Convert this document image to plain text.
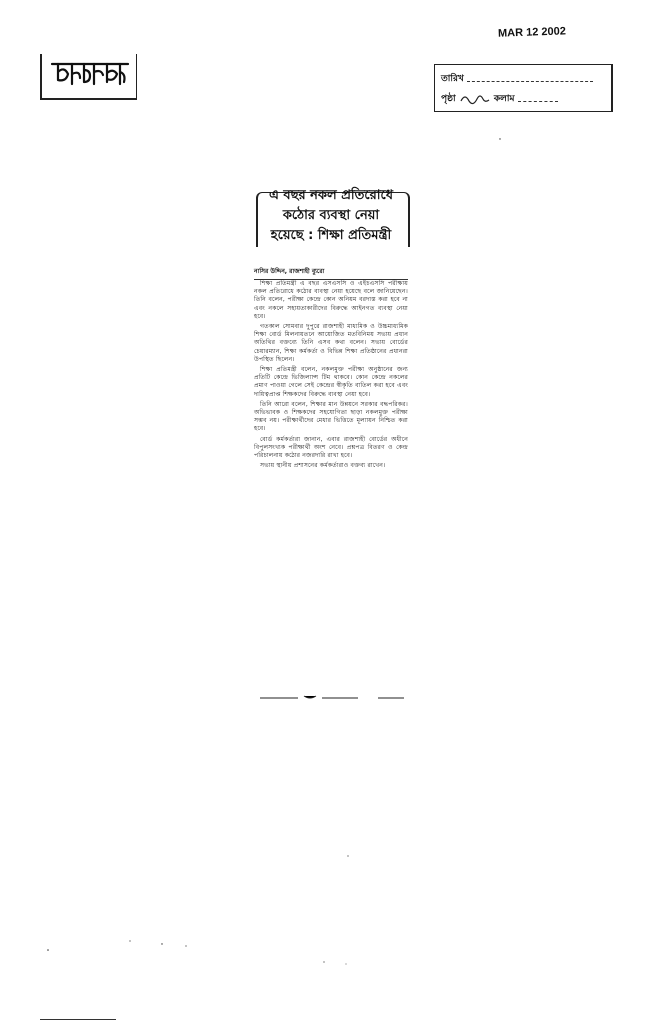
MAR 12 2002
যুগান্তর
তারিখ
পৃষ্ঠা	কলাম
এ বছর নকল প্রতিরোধে
কঠোর ব্যবস্থা নেয়া
হয়েছে : শিক্ষা প্রতিমন্ত্রী
নাসির উদ্দিন, রাজশাহী ব্যুরো

শিক্ষা প্রতিমন্ত্রী এ বছর এসএসসি ও এইচএসসি পরীক্ষায় নকল প্রতিরোধে কঠোর ব্যবস্থা নেয়া হয়েছে বলে জানিয়েছেন। তিনি বলেন, পরীক্ষা কেন্দ্রে কোন অনিয়ম বরদাস্ত করা হবে না এবং নকলে সহায়তাকারীদের বিরুদ্ধে আইনগত ব্যবস্থা নেয়া হবে।

গতকাল সোমবার দুপুরে রাজশাহী মাধ্যমিক ও উচ্চমাধ্যমিক শিক্ষা বোর্ড মিলনায়তনে আয়োজিত মতবিনিময় সভায় প্রধান অতিথির বক্তব্যে তিনি এসব কথা বলেন। সভায় বোর্ডের চেয়ারম্যান, শিক্ষা কর্মকর্তা ও বিভিন্ন শিক্ষা প্রতিষ্ঠানের প্রধানরা উপস্থিত ছিলেন।

শিক্ষা প্রতিমন্ত্রী বলেন, নকলমুক্ত পরীক্ষা অনুষ্ঠানের জন্য প্রতিটি কেন্দ্রে ভিজিল্যান্স টিম থাকবে। কোন কেন্দ্রে নকলের প্রমাণ পাওয়া গেলে সেই কেন্দ্রের স্বীকৃতি বাতিল করা হবে এবং দায়িত্বপ্রাপ্ত শিক্ষকদের বিরুদ্ধে ব্যবস্থা নেয়া হবে।

তিনি আরো বলেন, শিক্ষার মান উন্নয়নে সরকার বদ্ধপরিকর। অভিভাবক ও শিক্ষকদের সহযোগিতা ছাড়া নকলমুক্ত পরীক্ষা সম্ভব নয়। পরীক্ষার্থীদের মেধার ভিত্তিতে মূল্যায়ন নিশ্চিত করা হবে।

বোর্ড কর্মকর্তারা জানান, এবার রাজশাহী বোর্ডের অধীনে বিপুলসংখ্যক পরীক্ষার্থী অংশ নেবে। প্রশ্নপত্র বিতরণ ও কেন্দ্র পরিচালনায় কঠোর নজরদারি রাখা হবে।

সভায় স্থানীয় প্রশাসনের কর্মকর্তারাও বক্তব্য রাখেন।
